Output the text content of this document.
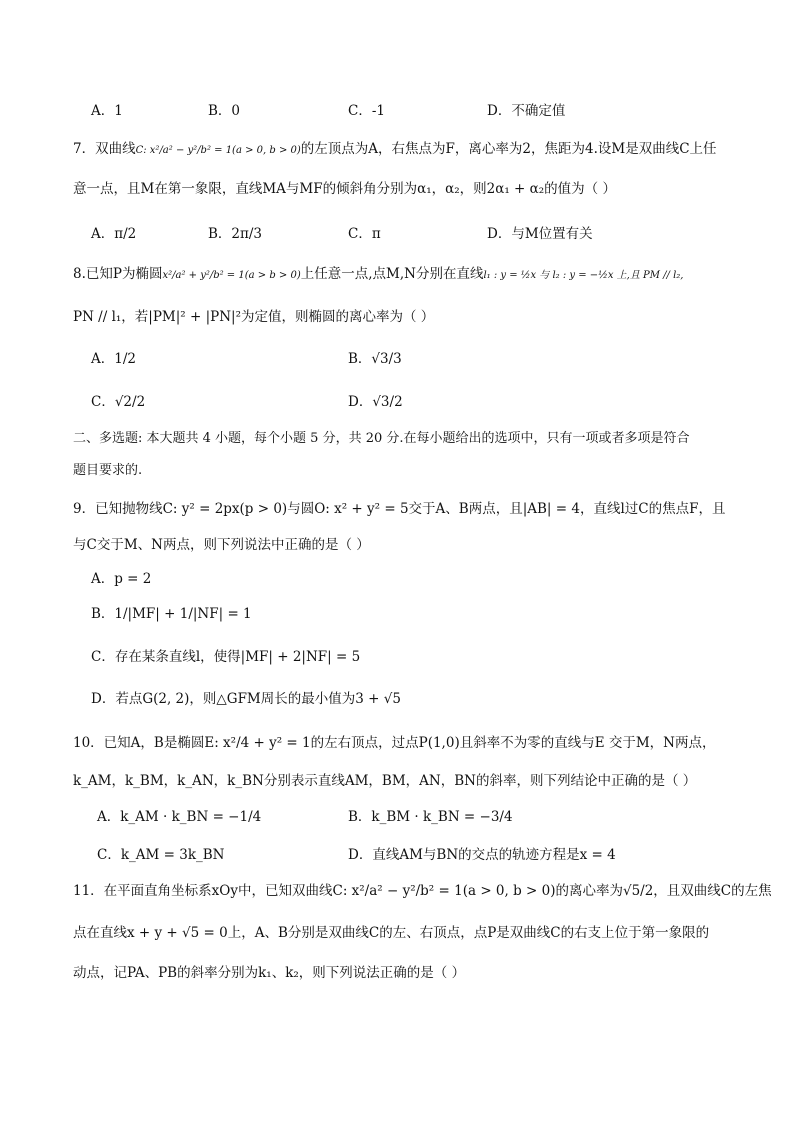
A．1	B．0	C．-1	D．不确定值
7．双曲线C: x²/a² − y²/b² = 1(a > 0, b > 0)的左顶点为A，右焦点为F，离心率为2，焦距为4.设M是双曲线C上任
意一点，且M在第一象限，直线MA与MF的倾斜角分别为α₁，α₂，则2α₁ + α₂的值为（ ）
A．π/2	B．2π/3	C．π	D．与M位置有关
8.已知P为椭圆x²/a² + y²/b² = 1(a > b > 0)上任意一点,点M,N分别在直线l₁ : y = ½x 与 l₂ : y = −½x 上,且 PM // l₂,
PN // l₁，若|PM|² + |PN|²为定值，则椭圆的离心率为（ ）
A．1/2	B．√3/3
C．√2/2	D．√3/2
二、多选题: 本大题共 4 小题，每个小题 5 分，共 20 分.在每小题给出的选项中，只有一项或者多项是符合
题目要求的.
9．已知抛物线C: y² = 2px(p > 0)与圆O: x² + y² = 5交于A、B两点，且|AB| = 4，直线l过C的焦点F，且
与C交于M、N两点，则下列说法中正确的是（ ）
A．p = 2
B．1/|MF| + 1/|NF| = 1
C．存在某条直线l，使得|MF| + 2|NF| = 5
D．若点G(2, 2)，则△GFM周长的最小值为3 + √5
10．已知A，B是椭圆E: x²/4 + y² = 1的左右顶点，过点P(1,0)且斜率不为零的直线与E 交于M，N两点，
k_AM，k_BM，k_AN，k_BN分别表示直线AM，BM，AN，BN的斜率，则下列结论中正确的是（ ）
A．k_AM · k_BN = −1/4	B．k_BM · k_BN = −3/4
C．k_AM = 3k_BN	D．直线AM与BN的交点的轨迹方程是x = 4
11．在平面直角坐标系xOy中，已知双曲线C: x²/a² − y²/b² = 1(a > 0, b > 0)的离心率为√5/2，且双曲线C的左焦
点在直线x + y + √5 = 0上，A、B分别是双曲线C的左、右顶点，点P是双曲线C的右支上位于第一象限的
动点，记PA、PB的斜率分别为k₁、k₂，则下列说法正确的是（ ）
